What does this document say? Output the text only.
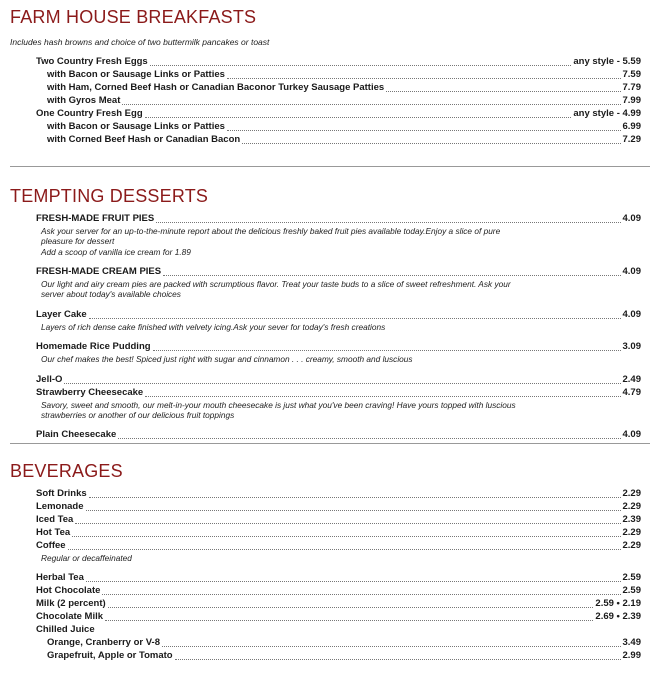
FARM HOUSE BREAKFASTS
Includes hash browns and choice of two buttermilk pancakes or toast
Two Country Fresh Eggs	any style - 5.59
with Bacon or Sausage Links or Patties	7.59
with Ham, Corned Beef Hash or Canadian Baconor Turkey Sausage Patties	7.79
with Gyros Meat	7.99
One Country Fresh Egg	any style - 4.99
with Bacon or Sausage Links or Patties	6.99
with Corned Beef Hash or Canadian Bacon	7.29
TEMPTING DESSERTS
FRESH-MADE FRUIT PIES	4.09
Ask your server for an up-to-the-minute report about the delicious freshly baked fruit pies available today.Enjoy a slice of pure
pleasure for dessert
Add a scoop of vanilla ice cream for 1.89
FRESH-MADE CREAM PIES	4.09
Our light and airy cream pies are packed with scrumptious flavor. Treat your taste buds to a slice of sweet refreshment. Ask your
server about today's available choices
Layer Cake	4.09
Layers of rich dense cake finished with velvety icing.Ask your sever for today's fresh creations
Homemade Rice Pudding	3.09
Our chef makes the best! Spiced just right with sugar and cinnamon . . . creamy, smooth and luscious
Jell-O	2.49
Strawberry Cheesecake	4.79
Savory, sweet and smooth, our melt-in-your mouth cheesecake is just what you've been craving! Have yours topped with luscious
strawberries or another of our delicious fruit toppings
Plain Cheesecake	4.09
BEVERAGES
Soft Drinks	2.29
Lemonade	2.29
Iced Tea	2.39
Hot Tea	2.29
Coffee	2.29
Regular or decaffeinated
Herbal Tea	2.59
Hot Chocolate	2.59
Milk (2 percent)	2.59 • 2.19
Chocolate Milk	2.69 • 2.39
Chilled Juice
Orange, Cranberry or V-8	3.49
Grapefruit, Apple or Tomato	2.99
